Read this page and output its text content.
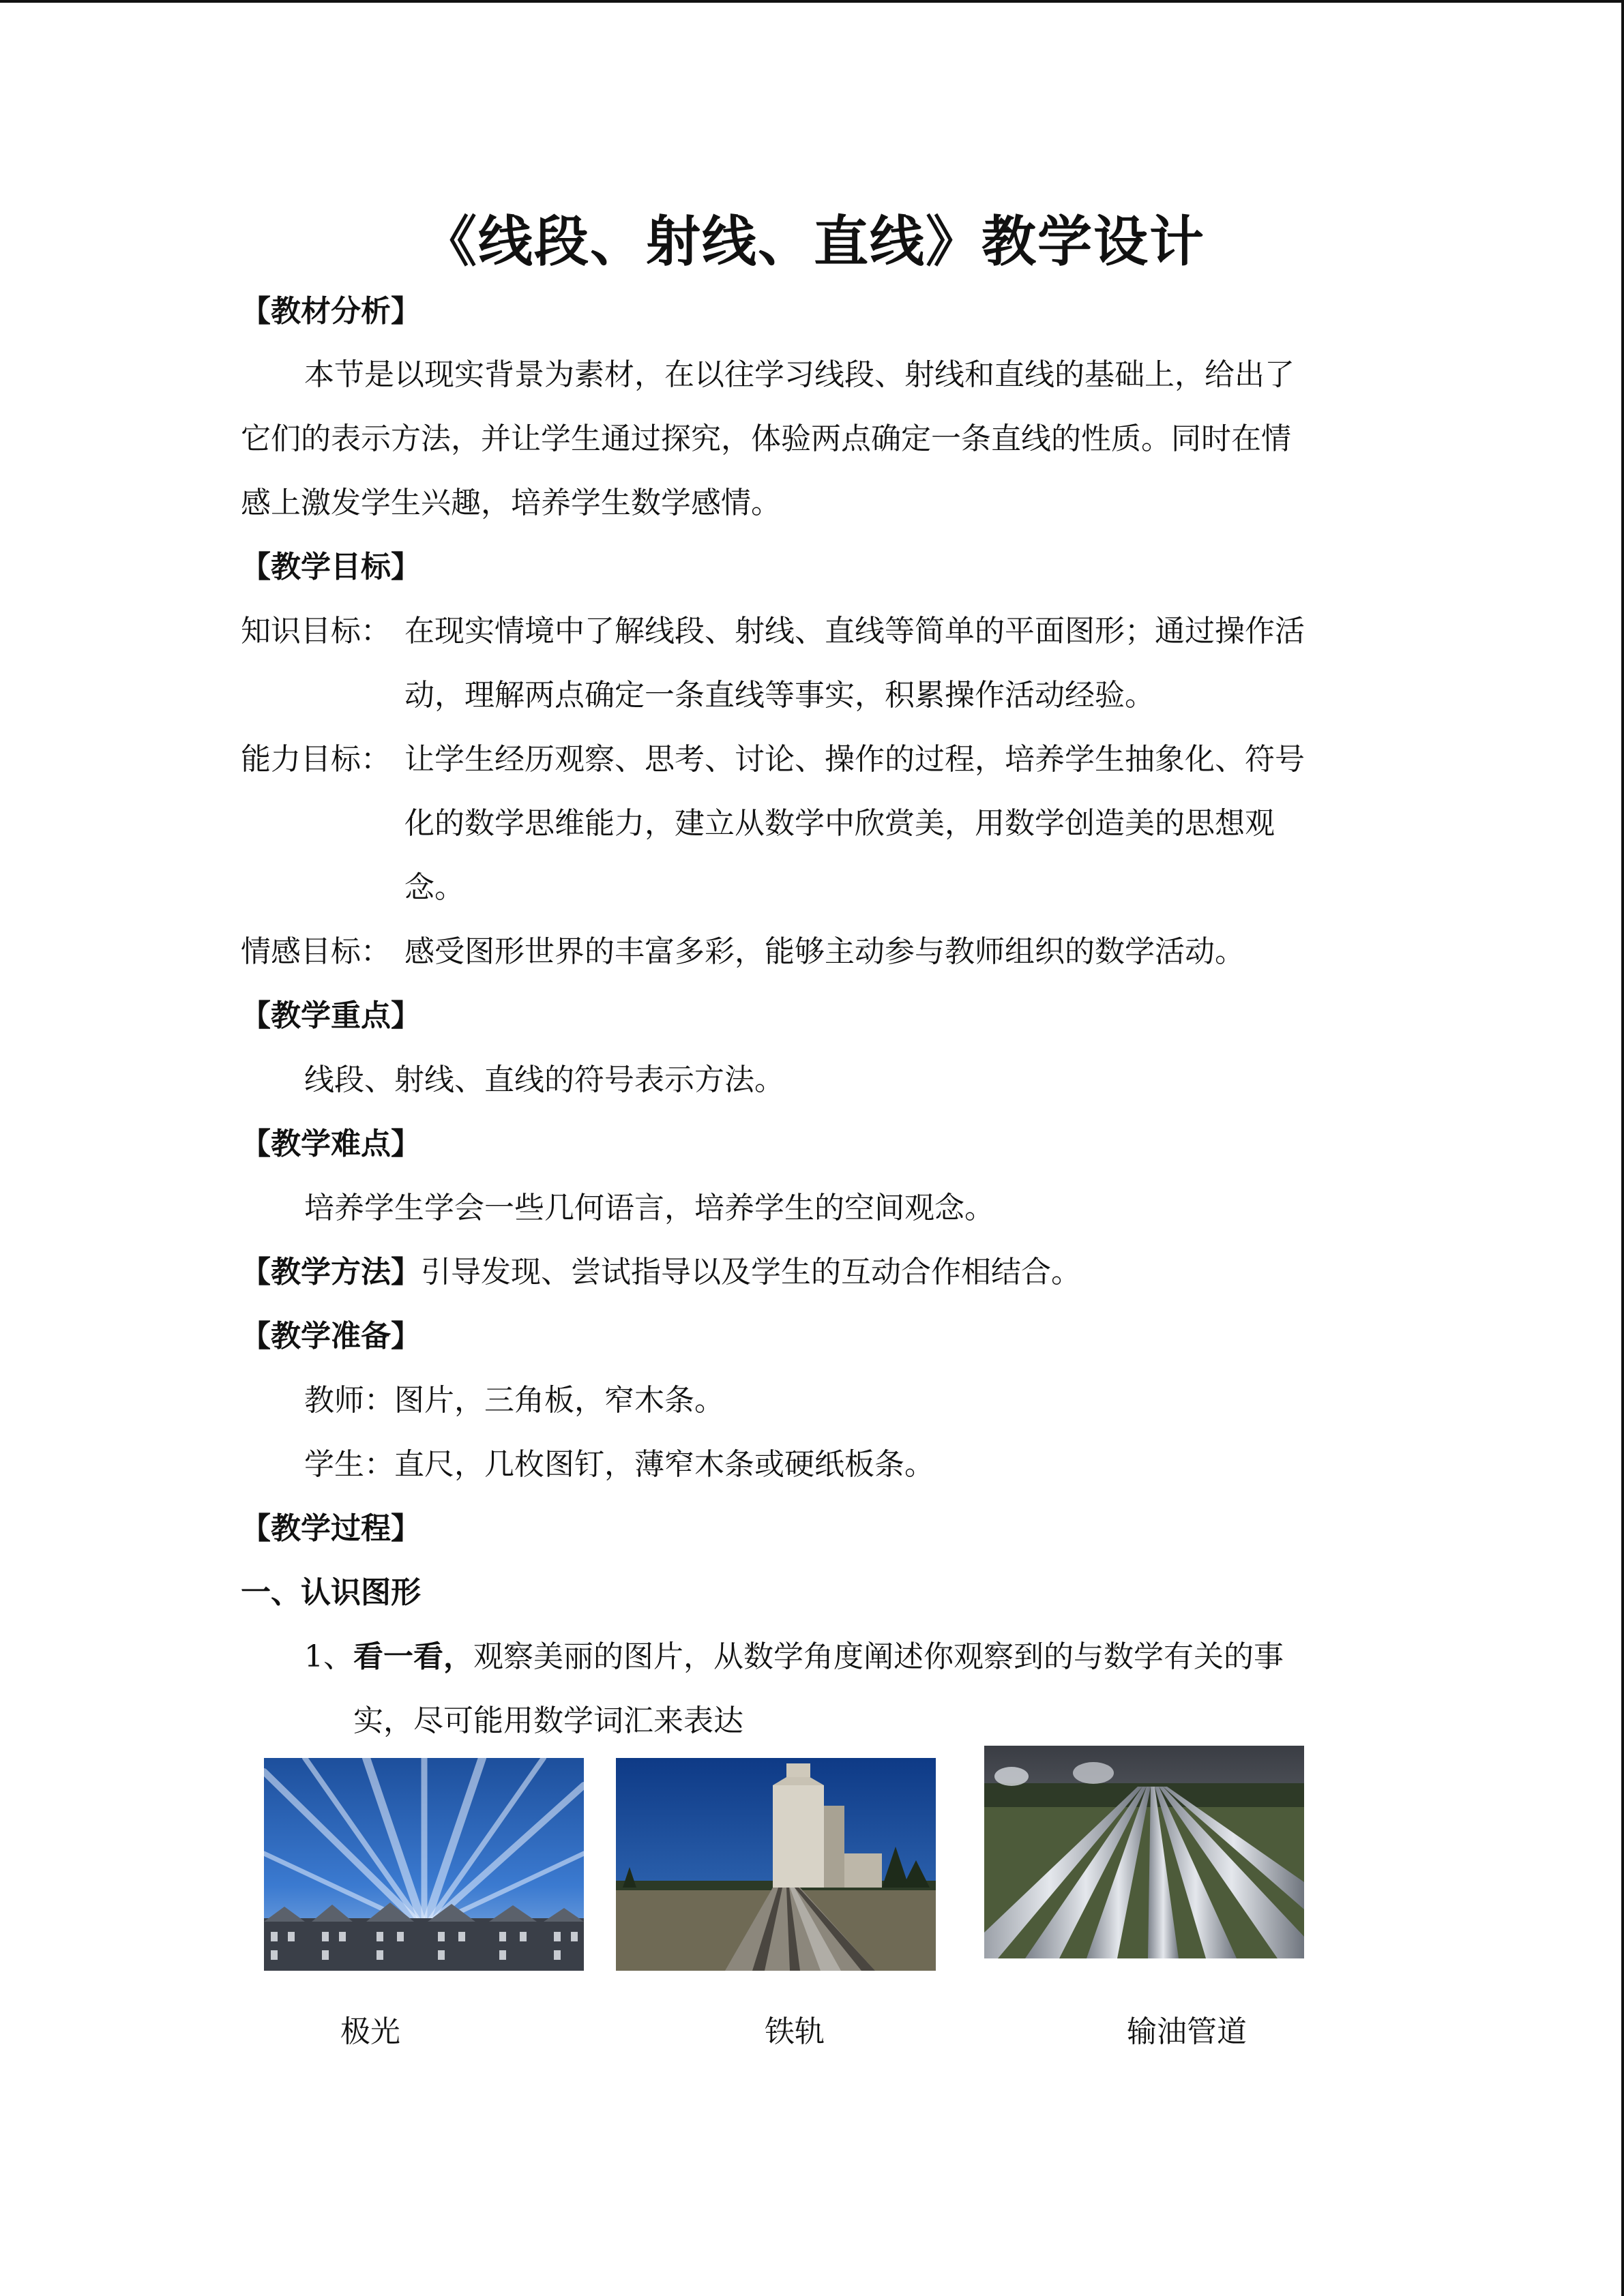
《线段、射线、直线》教学设计
【教材分析】
本节是以现实背景为素材，在以往学习线段、射线和直线的基础上，给出了
它们的表示方法，并让学生通过探究，体验两点确定一条直线的性质。同时在情
感上激发学生兴趣，培养学生数学感情。
【教学目标】
知识目标： 在现实情境中了解线段、射线、直线等简单的平面图形；通过操作活
动，理解两点确定一条直线等事实，积累操作活动经验。
能力目标： 让学生经历观察、思考、讨论、操作的过程，培养学生抽象化、符号
化的数学思维能力，建立从数学中欣赏美，用数学创造美的思想观
念。
情感目标： 感受图形世界的丰富多彩，能够主动参与教师组织的数学活动。
【教学重点】
线段、射线、直线的符号表示方法。
【教学难点】
培养学生学会一些几何语言，培养学生的空间观念。
【教学方法】引导发现、尝试指导以及学生的互动合作相结合。
【教学准备】
教师：图片，三角板，窄木条。
学生：直尺，几枚图钉，薄窄木条或硬纸板条。
【教学过程】
一、认识图形
1、看一看，观察美丽的图片，从数学角度阐述你观察到的与数学有关的事
实，尽可能用数学词汇来表达
极光	铁轨	输油管道
